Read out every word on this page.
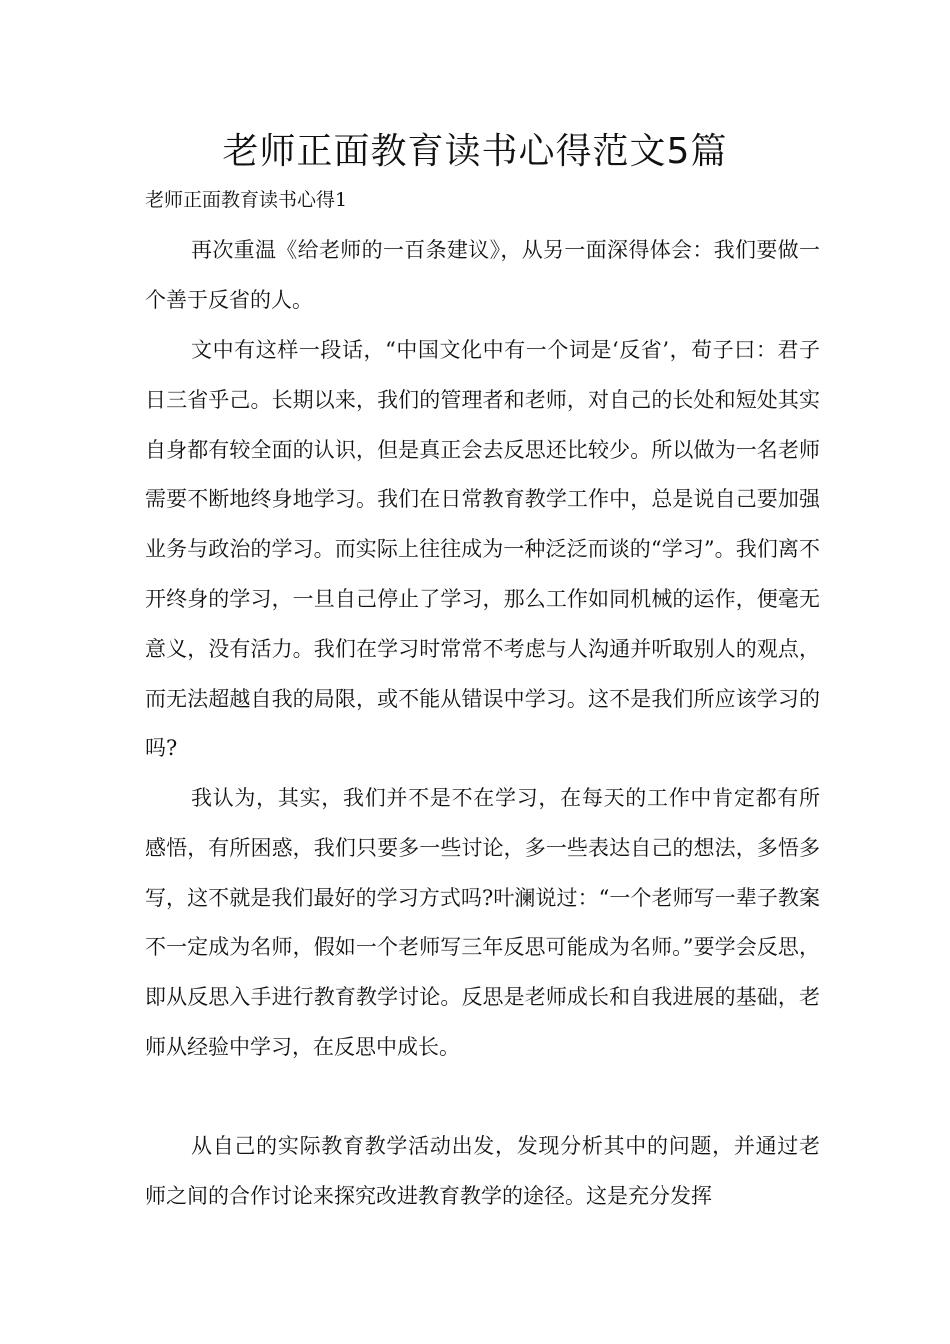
老师正面教育读书心得范文5篇
老师正面教育读书心得1

再次重温《给老师的一百条建议》，从另一面深得体会：我们要做一个善于反省的人。

文中有这样一段话，“中国文化中有一个词是‘反省’，荀子曰：君子日三省乎己。长期以来，我们的管理者和老师，对自己的长处和短处其实自身都有较全面的认识，但是真正会去反思还比较少。所以做为一名老师需要不断地终身地学习。我们在日常教育教学工作中，总是说自己要加强业务与政治的学习。而实际上往往成为一种泛泛而谈的“学习”。我们离不开终身的学习，一旦自己停止了学习，那么工作如同机械的运作，便毫无意义，没有活力。我们在学习时常常不考虑与人沟通并听取别人的观点，而无法超越自我的局限，或不能从错误中学习。这不是我们所应该学习的吗?

我认为，其实，我们并不是不在学习，在每天的工作中肯定都有所感悟，有所困惑，我们只要多一些讨论，多一些表达自己的想法，多悟多写，这不就是我们最好的学习方式吗?叶澜说过：“一个老师写一辈子教案不一定成为名师，假如一个老师写三年反思可能成为名师。”要学会反思，即从反思入手进行教育教学讨论。反思是老师成长和自我进展的基础，老师从经验中学习，在反思中成长。

从自己的实际教育教学活动出发，发现分析其中的问题，并通过老师之间的合作讨论来探究改进教育教学的途径。这是充分发挥
